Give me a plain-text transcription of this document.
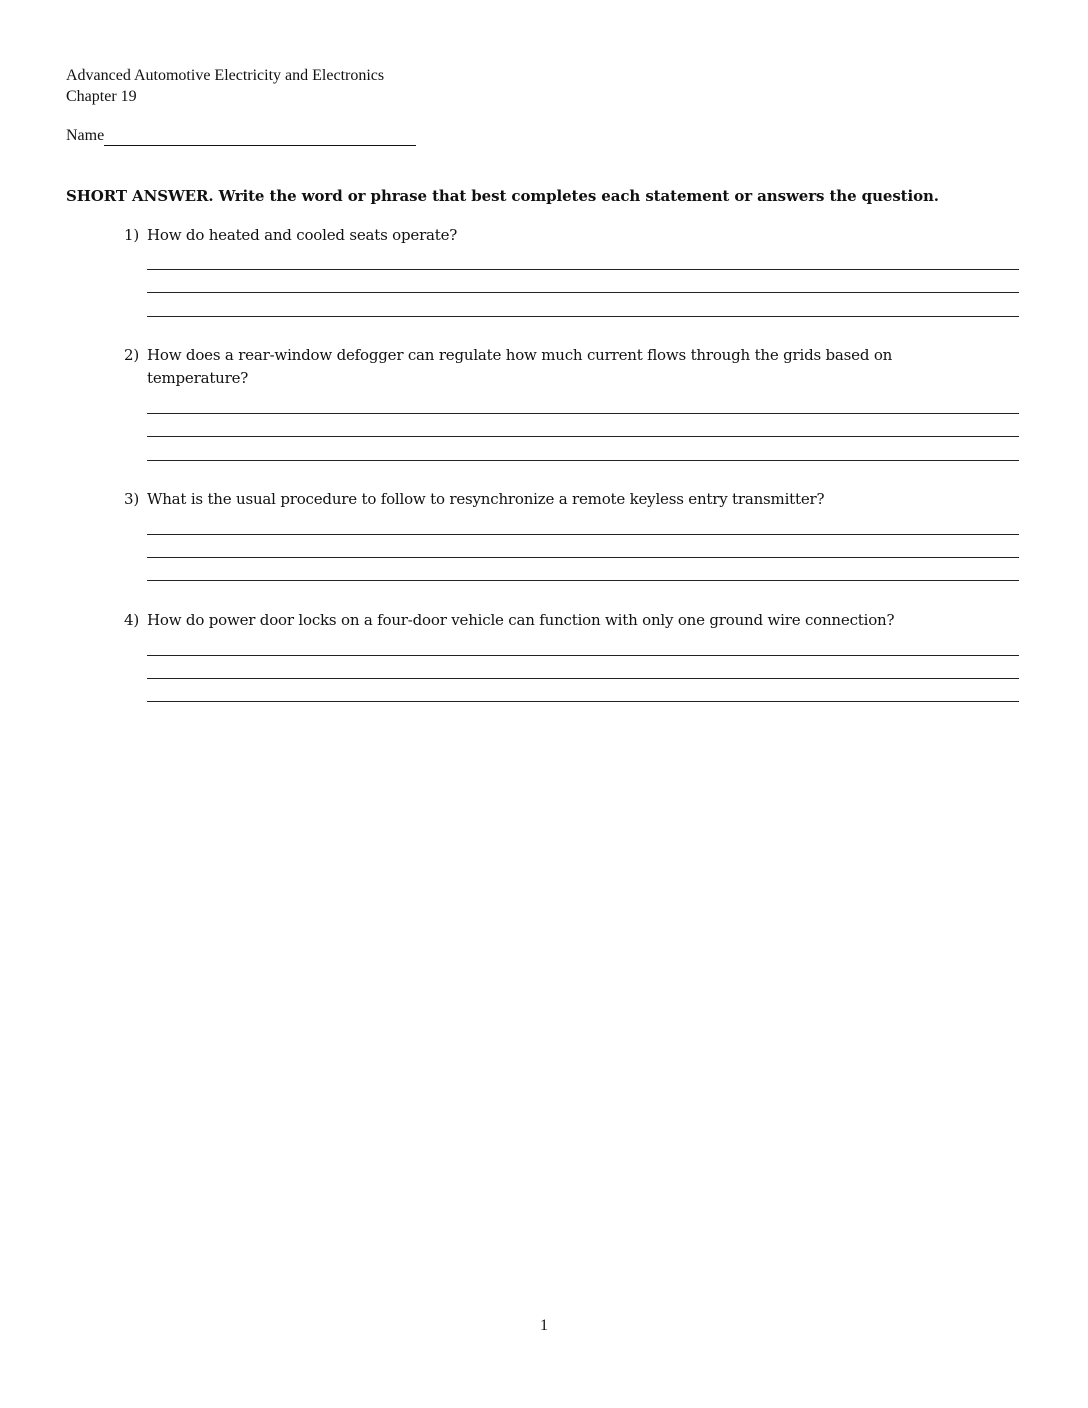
Advanced Automotive Electricity and Electronics
Chapter 19
Name
SHORT ANSWER. Write the word or phrase that best completes each statement or answers the question.
1) How do heated and cooled seats operate?
2) How does a rear-window defogger can regulate how much current flows through the grids based on temperature?
3) What is the usual procedure to follow to resynchronize a remote keyless entry transmitter?
4) How do power door locks on a four-door vehicle can function with only one ground wire connection?
1
